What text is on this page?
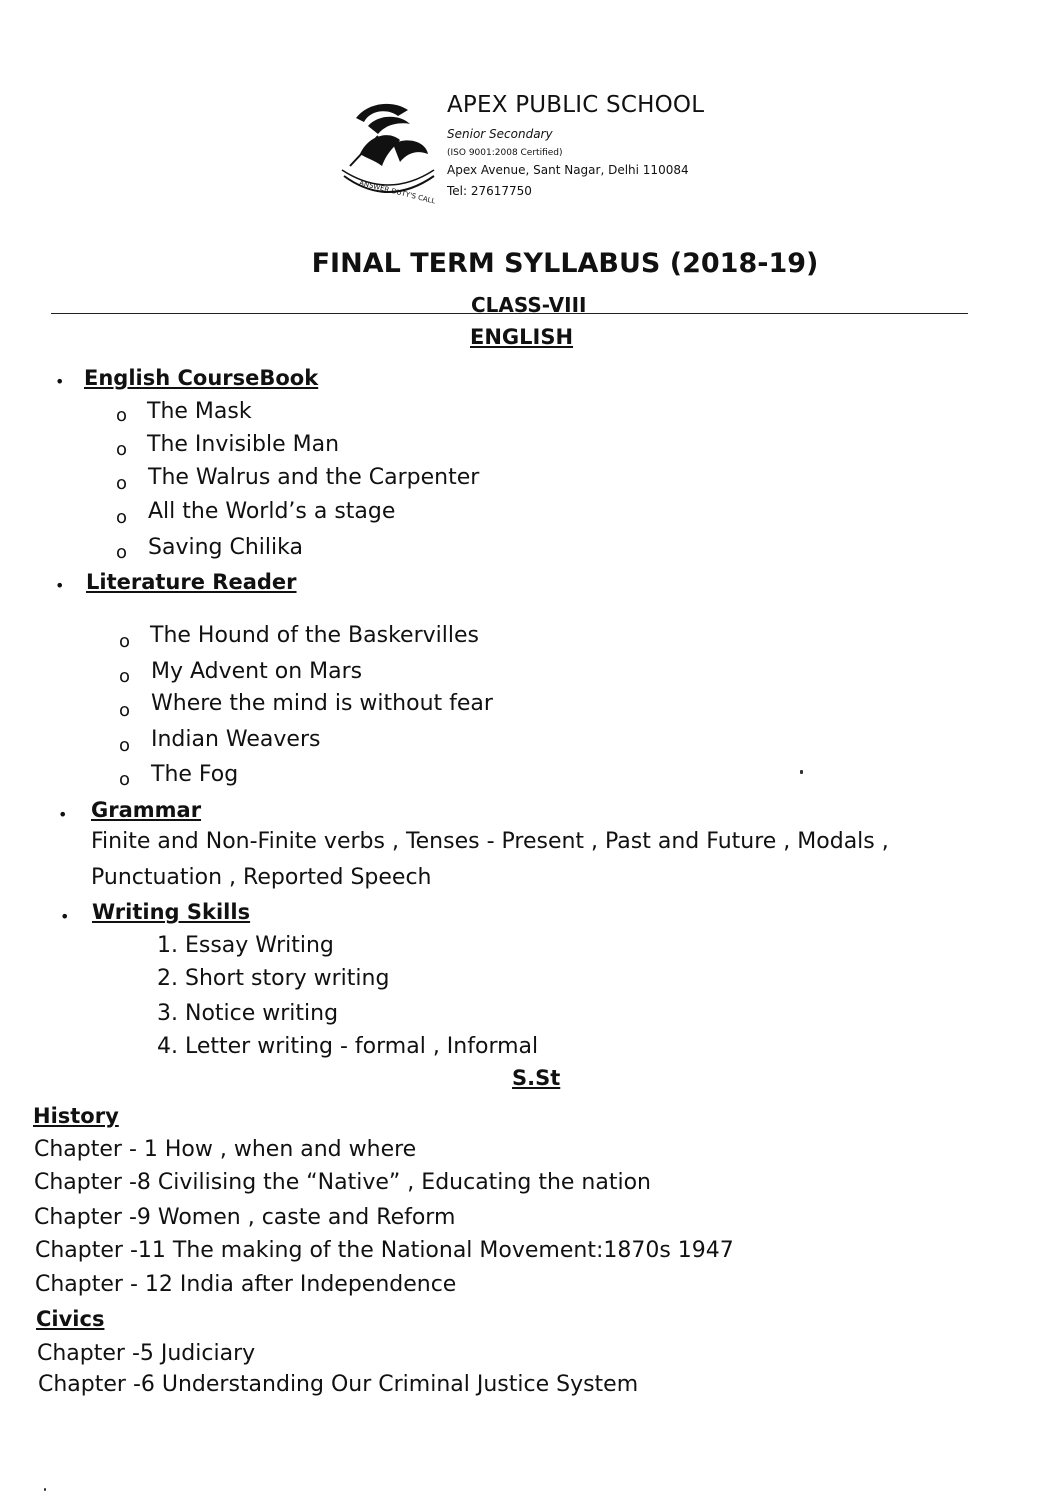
ANSWER DUTY'S CALL
APEX PUBLIC SCHOOL
Senior Secondary
(ISO 9001:2008 Certified)
Apex Avenue, Sant Nagar, Delhi 110084
Tel: 27617750
FINAL TERM SYLLABUS (2018-19)
CLASS-VIII
ENGLISH
• English CourseBook
o The Mask
o The Invisible Man
o The Walrus and the Carpenter
o All the World’s a stage
o Saving Chilika
• Literature Reader
o The Hound of the Baskervilles
o My Advent on Mars
o Where the mind is without fear
o Indian Weavers
o The Fog
• Grammar
Finite and Non-Finite verbs , Tenses - Present , Past and Future , Modals ,
Punctuation , Reported Speech
• Writing Skills
1. Essay Writing
2. Short story writing
3. Notice writing
4. Letter writing - formal , Informal
S.St
History
Chapter - 1 How , when and where
Chapter -8 Civilising the “Native” , Educating the nation
Chapter -9 Women , caste and Reform
Chapter -11 The making of the National Movement:1870s 1947
Chapter - 12 India after Independence
Civics
Chapter -5 Judiciary
Chapter -6 Understanding Our Criminal Justice System
